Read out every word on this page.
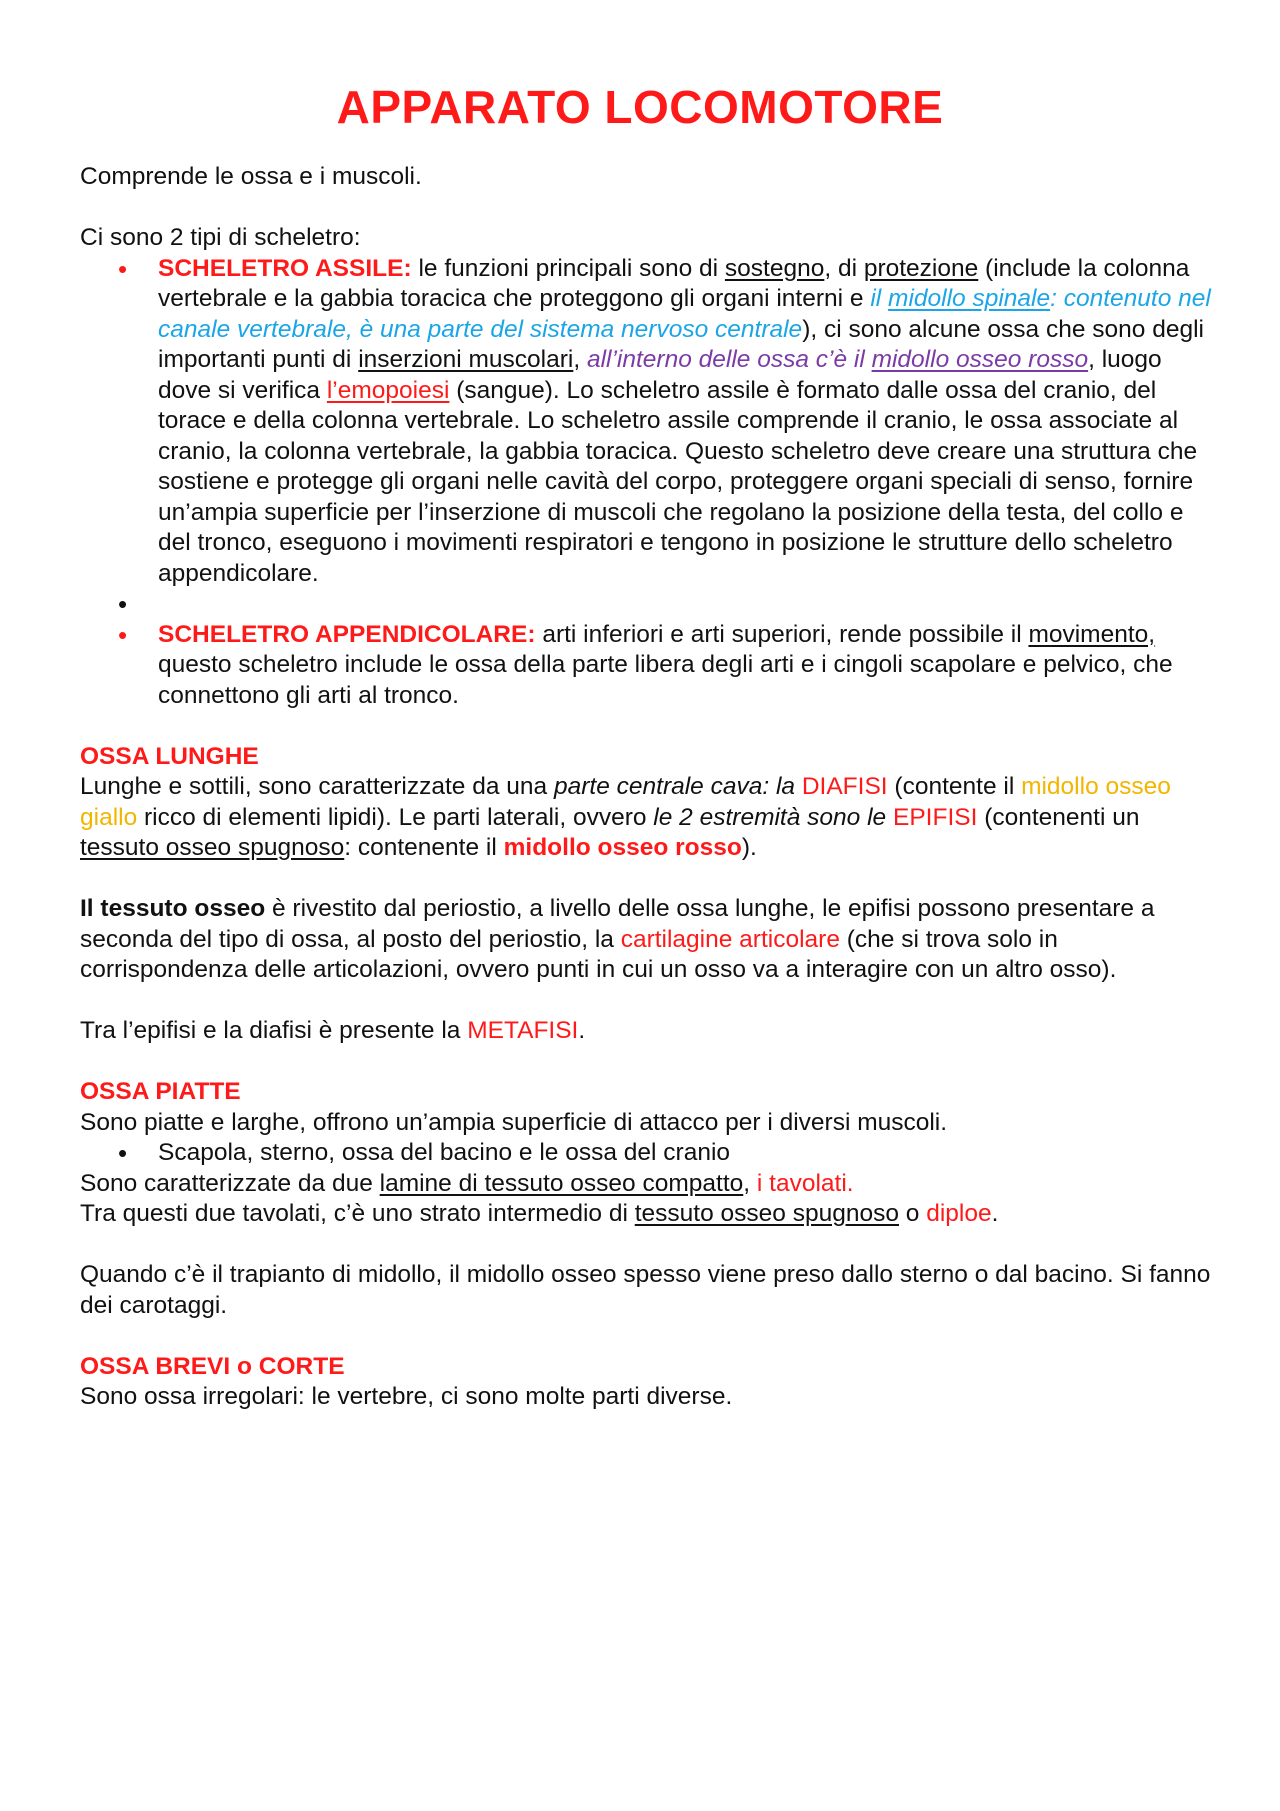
APPARATO LOCOMOTORE

Comprende le ossa e i muscoli.

Ci sono 2 tipi di scheletro:

• SCHELETRO ASSILE: le funzioni principali sono di sostegno, di protezione (include la colonna vertebrale e la gabbia toracica che proteggono gli organi interni e il midollo spinale: contenuto nel canale vertebrale, è una parte del sistema nervoso centrale), ci sono alcune ossa che sono degli importanti punti di inserzioni muscolari, all’interno delle ossa c’è il midollo osseo rosso, luogo dove si verifica l’emopoiesi (sangue). Lo scheletro assile è formato dalle ossa del cranio, del torace e della colonna vertebrale. Lo scheletro assile comprende il cranio, le ossa associate al cranio, la colonna vertebrale, la gabbia toracica. Questo scheletro deve creare una struttura che sostiene e protegge gli organi nelle cavità del corpo, proteggere organi speciali di senso, fornire un’ampia superficie per l’inserzione di muscoli che regolano la posizione della testa, del collo e del tronco, eseguono i movimenti respiratori e tengono in posizione le strutture dello scheletro appendicolare.
•
• SCHELETRO APPENDICOLARE: arti inferiori e arti superiori, rende possibile il movimento, questo scheletro include le ossa della parte libera degli arti e i cingoli scapolare e pelvico, che connettono gli arti al tronco.

OSSA LUNGHE

Lunghe e sottili, sono caratterizzate da una parte centrale cava: la DIAFISI (contente il midollo osseo giallo ricco di elementi lipidi). Le parti laterali, ovvero le 2 estremità sono le EPIFISI (contenenti un tessuto osseo spugnoso: contenente il midollo osseo rosso).

Il tessuto osseo è rivestito dal periostio, a livello delle ossa lunghe, le epifisi possono presentare a seconda del tipo di ossa, al posto del periostio, la cartilagine articolare (che si trova solo in corrispondenza delle articolazioni, ovvero punti in cui un osso va a interagire con un altro osso).

Tra l’epifisi e la diafisi è presente la METAFISI.

OSSA PIATTE

Sono piatte e larghe, offrono un’ampia superficie di attacco per i diversi muscoli.

• Scapola, sterno, ossa del bacino e le ossa del cranio

Sono caratterizzate da due lamine di tessuto osseo compatto, i tavolati.

Tra questi due tavolati, c’è uno strato intermedio di tessuto osseo spugnoso o diploe.

Quando c’è il trapianto di midollo, il midollo osseo spesso viene preso dallo sterno o dal bacino. Si fanno dei carotaggi.

OSSA BREVI o CORTE

Sono ossa irregolari: le vertebre, ci sono molte parti diverse.
